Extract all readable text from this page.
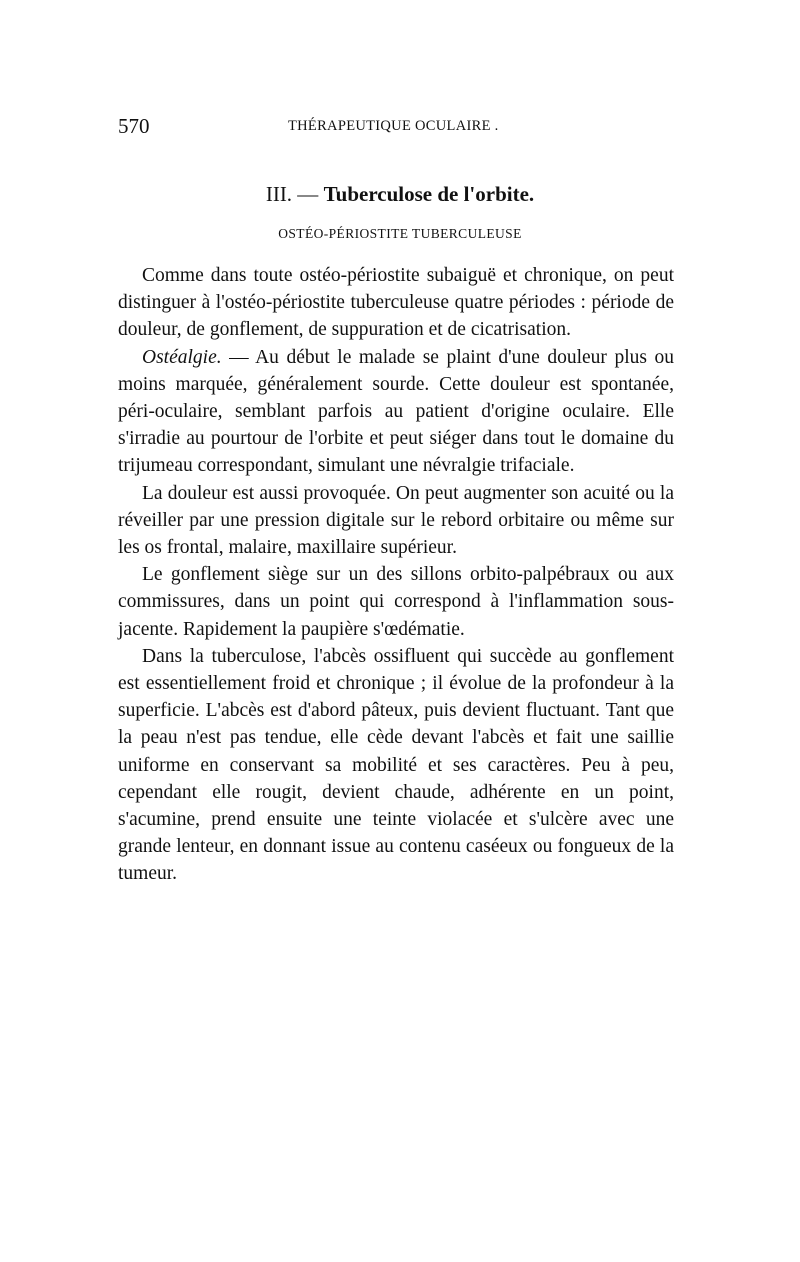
570	THÉRAPEUTIQUE OCULAIRE .
III. — Tuberculose de l'orbite.
OSTÉO-PÉRIOSTITE TUBERCULEUSE

Comme dans toute ostéo-périostite subaiguë et chronique, on peut distinguer à l'ostéo-périostite tuberculeuse quatre périodes : période de douleur, de gonflement, de suppuration et de cicatrisation.

Ostéalgie. — Au début le malade se plaint d'une douleur plus ou moins marquée, généralement sourde. Cette douleur est spontanée, péri-oculaire, semblant parfois au patient d'origine oculaire. Elle s'irradie au pourtour de l'orbite et peut siéger dans tout le domaine du trijumeau correspondant, simulant une névralgie trifaciale.

La douleur est aussi provoquée. On peut augmenter son acuité ou la réveiller par une pression digitale sur le rebord orbitaire ou même sur les os frontal, malaire, maxillaire supérieur.

Le gonflement siège sur un des sillons orbito-palpébraux ou aux commissures, dans un point qui correspond à l'inflammation sous-jacente. Rapidement la paupière s'œdématie.

Dans la tuberculose, l'abcès ossifluent qui succède au gonflement est essentiellement froid et chronique ; il évolue de la profondeur à la superficie. L'abcès est d'abord pâteux, puis devient fluctuant. Tant que la peau n'est pas tendue, elle cède devant l'abcès et fait une saillie uniforme en conservant sa mobilité et ses caractères. Peu à peu, cependant elle rougit, devient chaude, adhérente en un point, s'acumine, prend ensuite une teinte violacée et s'ulcère avec une grande lenteur, en donnant issue au contenu caséeux ou fongueux de la tumeur.
